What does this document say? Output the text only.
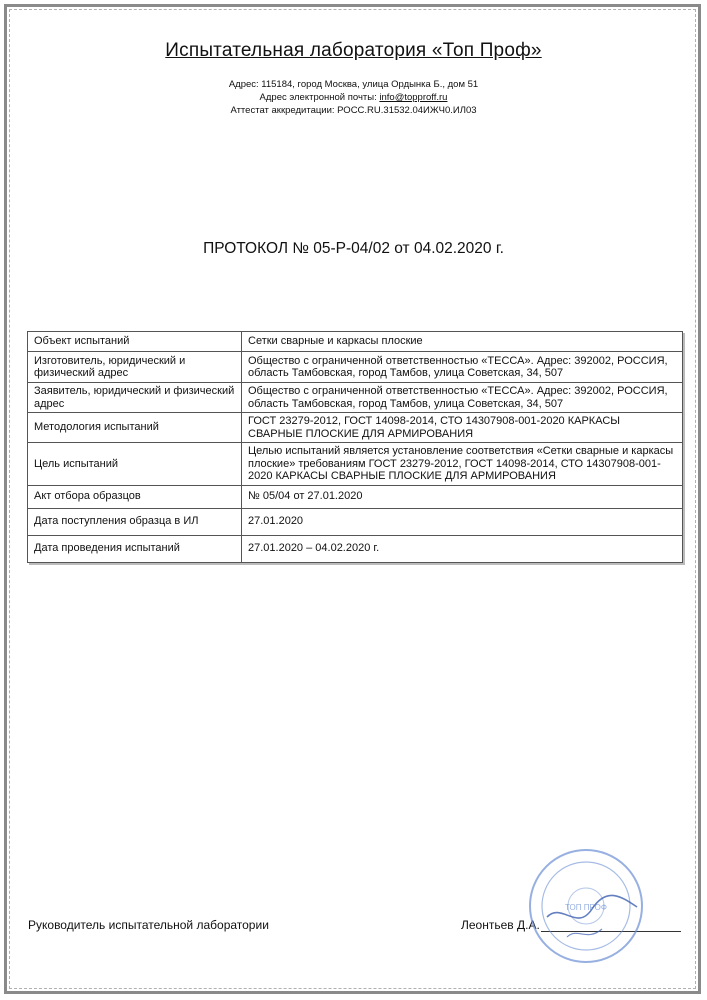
Испытательная лаборатория «Топ Проф»
Адрес: 115184, город Москва, улица Ордынка Б., дом 51
Адрес электронной почты: info@topproff.ru
Аттестат аккредитации: РОСС.RU.31532.04ИЖЧ0.ИЛ03
ПРОТОКОЛ № 05-Р-04/02 от 04.02.2020 г.
Объект испытаний	Сетки сварные и каркасы плоские
Изготовитель, юридический и физический адрес	Общество с ограниченной ответственностью «ТЕССА». Адрес: 392002, РОССИЯ, область Тамбовская, город Тамбов, улица Советская, 34, 507
Заявитель, юридический и физический адрес	Общество с ограниченной ответственностью «ТЕССА». Адрес: 392002, РОССИЯ, область Тамбовская, город Тамбов, улица Советская, 34, 507
Методология испытаний	ГОСТ 23279-2012, ГОСТ 14098-2014, СТО 14307908-001-2020 КАРКАСЫ СВАРНЫЕ ПЛОСКИЕ ДЛЯ АРМИРОВАНИЯ
Цель испытаний	Целью испытаний является установление соответствия «Сетки сварные и каркасы плоские» требованиям ГОСТ 23279-2012, ГОСТ 14098-2014, СТО 14307908-001-2020 КАРКАСЫ СВАРНЫЕ ПЛОСКИЕ ДЛЯ АРМИРОВАНИЯ
Акт отбора образцов	№ 05/04 от 27.01.2020
Дата поступления образца в ИЛ	27.01.2020
Дата проведения испытаний	27.01.2020 – 04.02.2020 г.
Руководитель испытательной лаборатории	Леонтьев Д.А.
ТОП ПРОФ
